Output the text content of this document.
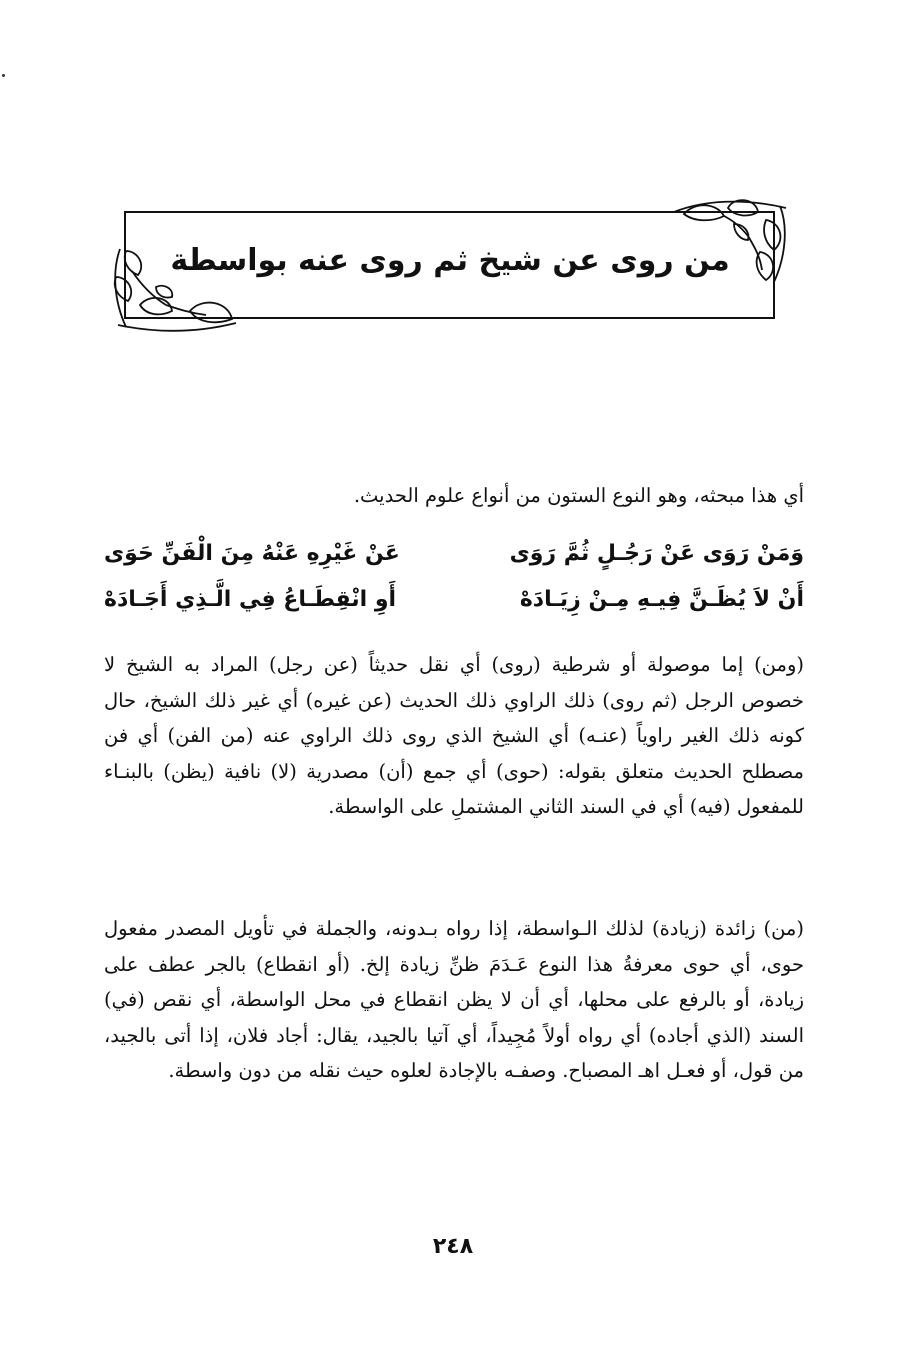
من روى عن شيخ ثم روى عنه بواسطة
أي هذا مبحثه، وهو النوع الستون من أنواع علوم الحديث.
وَمَنْ رَوَى عَنْ رَجُـلٍ ثُمَّ رَوَى
عَنْ غَيْرِهِ عَنْهُ مِنَ الْفَنِّ حَوَى
أَنْ لاَ يُظَـنَّ فِيـهِ مِـنْ زِيَـادَهْ
أَوِ انْقِطَـاعُ فِي الَّـذِي أَجَـادَهْ
(ومن) إما موصولة أو شرطية (روى) أي نقل حديثاً (عن رجل) المراد به الشيخ لا خصوص الرجل (ثم روى) ذلك الراوي ذلك الحديث (عن غيره) أي غير ذلك الشيخ، حال كونه ذلك الغير راوياً (عنـه) أي الشيخ الذي روى ذلك الراوي عنه (من الفن) أي فن مصطلح الحديث متعلق بقوله: (حوى) أي جمع (أن) مصدرية (لا) نافية (يظن) بالبنـاء للمفعول (فيه) أي في السند الثاني المشتملِ على الواسطة.
(من) زائدة (زيادة) لذلك الـواسطة، إذا رواه بـدونه، والجملة في تأويل المصدر مفعول حوى، أي حوى معرفةُ هذا النوع عَـدَمَ ظنِّ زيادة إلخ. (أو انقطاع) بالجر عطف على زيادة، أو بالرفع على محلها، أي أن لا يظن انقطاع في محل الواسطة، أي نقص (في) السند (الذي أجاده) أي رواه أولاً مُجِيداً، أي آتيا بالجيد، يقال: أجاد فلان، إذا أتى بالجيد، من قول، أو فعـل اهـ المصباح. وصفـه بالإجادة لعلوه حيث نقله من دون واسطة.
٢٤٨
